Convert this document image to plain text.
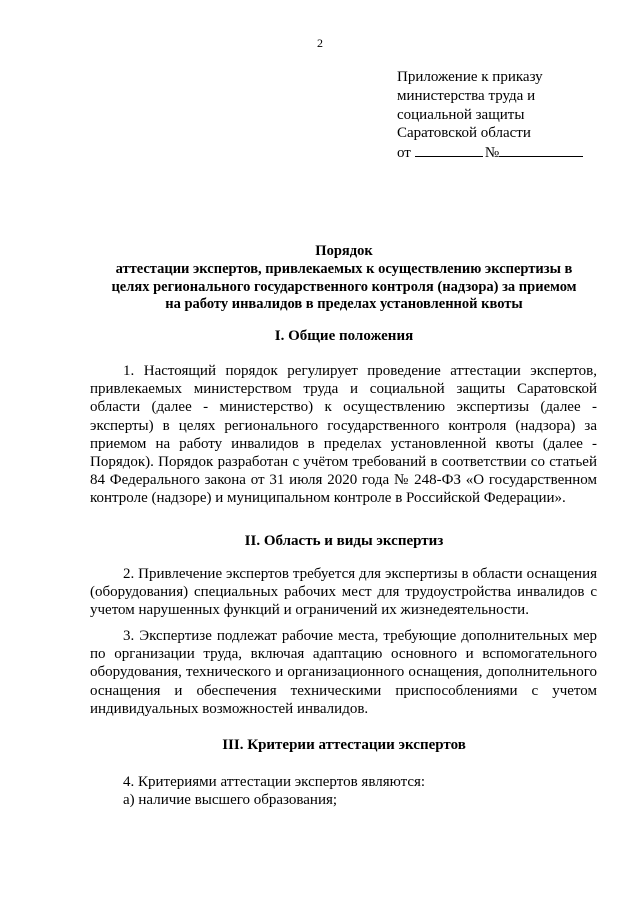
2
Приложение к приказу
министерства труда и
социальной защиты
Саратовской области
от	№
Порядок
аттестации экспертов, привлекаемых к осуществлению экспертизы в
целях регионального государственного контроля (надзора) за приемом
на работу инвалидов в пределах установленной квоты
I. Общие положения
1. Настоящий порядок регулирует проведение аттестации экспертов, привлекаемых министерством труда и социальной защиты Саратовской области (далее - министерство) к осуществлению экспертизы (далее - эксперты) в целях регионального государственного контроля (надзора) за приемом на работу инвалидов в пределах установленной квоты (далее - Порядок). Порядок разработан с учётом требований в соответствии со статьей 84 Федерального закона от 31 июля 2020 года № 248-ФЗ «О государственном контроле (надзоре) и муниципальном контроле в Российской Федерации».
II. Область и виды экспертиз
2. Привлечение экспертов требуется для экспертизы в области оснащения (оборудования) специальных рабочих мест для трудоустройства инвалидов с учетом нарушенных функций и ограничений их жизнедеятельности.
3. Экспертизе подлежат рабочие места, требующие дополнительных мер по организации труда, включая адаптацию основного и вспомогательного оборудования, технического и организационного оснащения, дополнительного оснащения и обеспечения техническими приспособлениями с учетом индивидуальных возможностей инвалидов.
III. Критерии аттестации экспертов
4. Критериями аттестации экспертов являются:
а) наличие высшего образования;
